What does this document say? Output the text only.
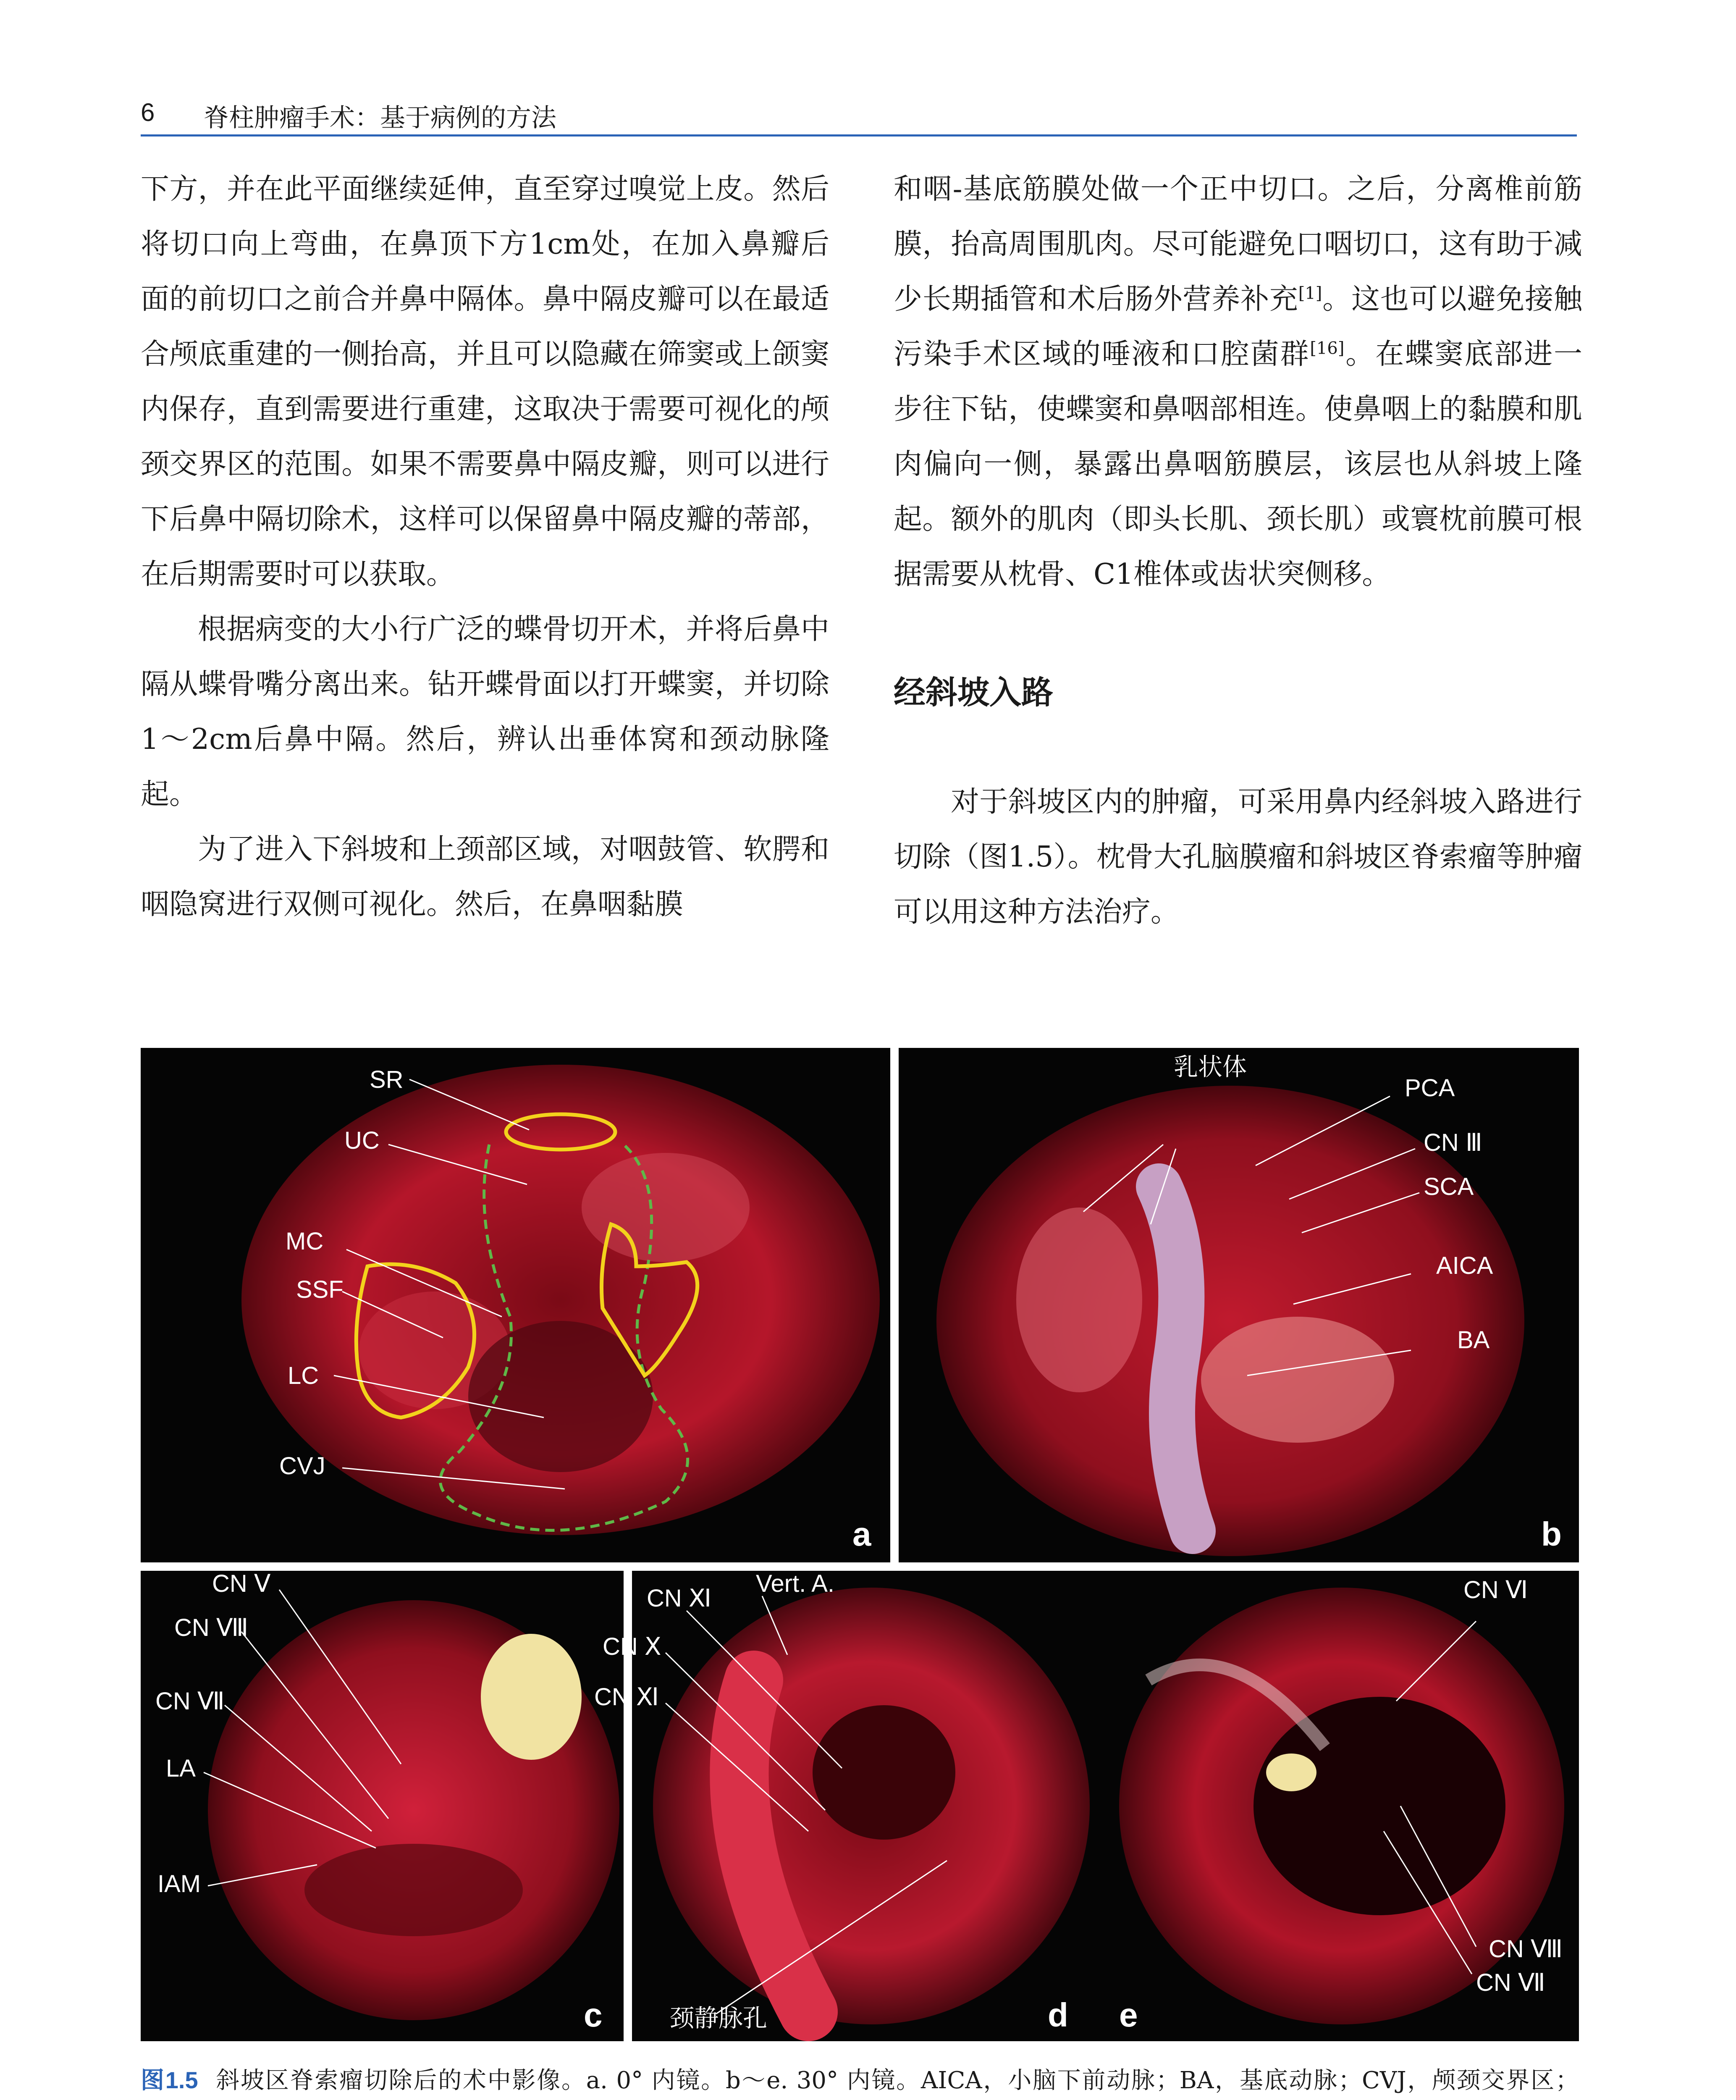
6 脊柱肿瘤手术：基于病例的方法

下方，并在此平面继续延伸，直至穿过嗅觉上皮。然后将切口向上弯曲，在鼻顶下方1cm处，在加入鼻瓣后面的前切口之前合并鼻中隔体。鼻中隔皮瓣可以在最适合颅底重建的一侧抬高，并且可以隐藏在筛窦或上颌窦内保存，直到需要进行重建，这取决于需要可视化的颅颈交界区的范围。如果不需要鼻中隔皮瓣，则可以进行下后鼻中隔切除术，这样可以保留鼻中隔皮瓣的蒂部，在后期需要时可以获取。

根据病变的大小行广泛的蝶骨切开术，并将后鼻中隔从蝶骨嘴分离出来。钻开蝶骨面以打开蝶窦，并切除1～2cm后鼻中隔。然后，辨认出垂体窝和颈动脉隆起。

为了进入下斜坡和上颈部区域，对咽鼓管、软腭和咽隐窝进行双侧可视化。然后，在鼻咽黏膜

和咽-基底筋膜处做一个正中切口。之后，分离椎前筋膜，抬高周围肌肉。尽可能避免口咽切口，这有助于减少长期插管和术后肠外营养补充[1]。这也可以避免接触污染手术区域的唾液和口腔菌群[16]。在蝶窦底部进一步往下钻，使蝶窦和鼻咽部相连。使鼻咽上的黏膜和肌肉偏向一侧，暴露出鼻咽筋膜层，该层也从斜坡上隆起。额外的肌肉（即头长肌、颈长肌）或寰枕前膜可根据需要从枕骨、C1椎体或齿状突侧移。

经斜坡入路

对于斜坡区内的肿瘤，可采用鼻内经斜坡入路进行切除（图1.5）。枕骨大孔脑膜瘤和斜坡区脊索瘤等肿瘤可以用这种方法治疗。

SR
UC
MC
SSF
LC
CVJ
a
乳状体
PCA
CN Ⅲ
SCA
AICA
BA
b
CN Ⅴ
CN Ⅷ
CN Ⅶ
LA
IAM
c
CN Ⅺ
Vert. A.
CN Ⅹ
CN Ⅺ
颈静脉孔	d
CN Ⅵ
CN Ⅷ
CN Ⅶ
e
图1.5 斜坡区脊索瘤切除后的术中影像。a. 0° 内镜。b～e. 30° 内镜。AICA，小脑下前动脉；BA，基底动脉；CVJ，颅颈交界区；
